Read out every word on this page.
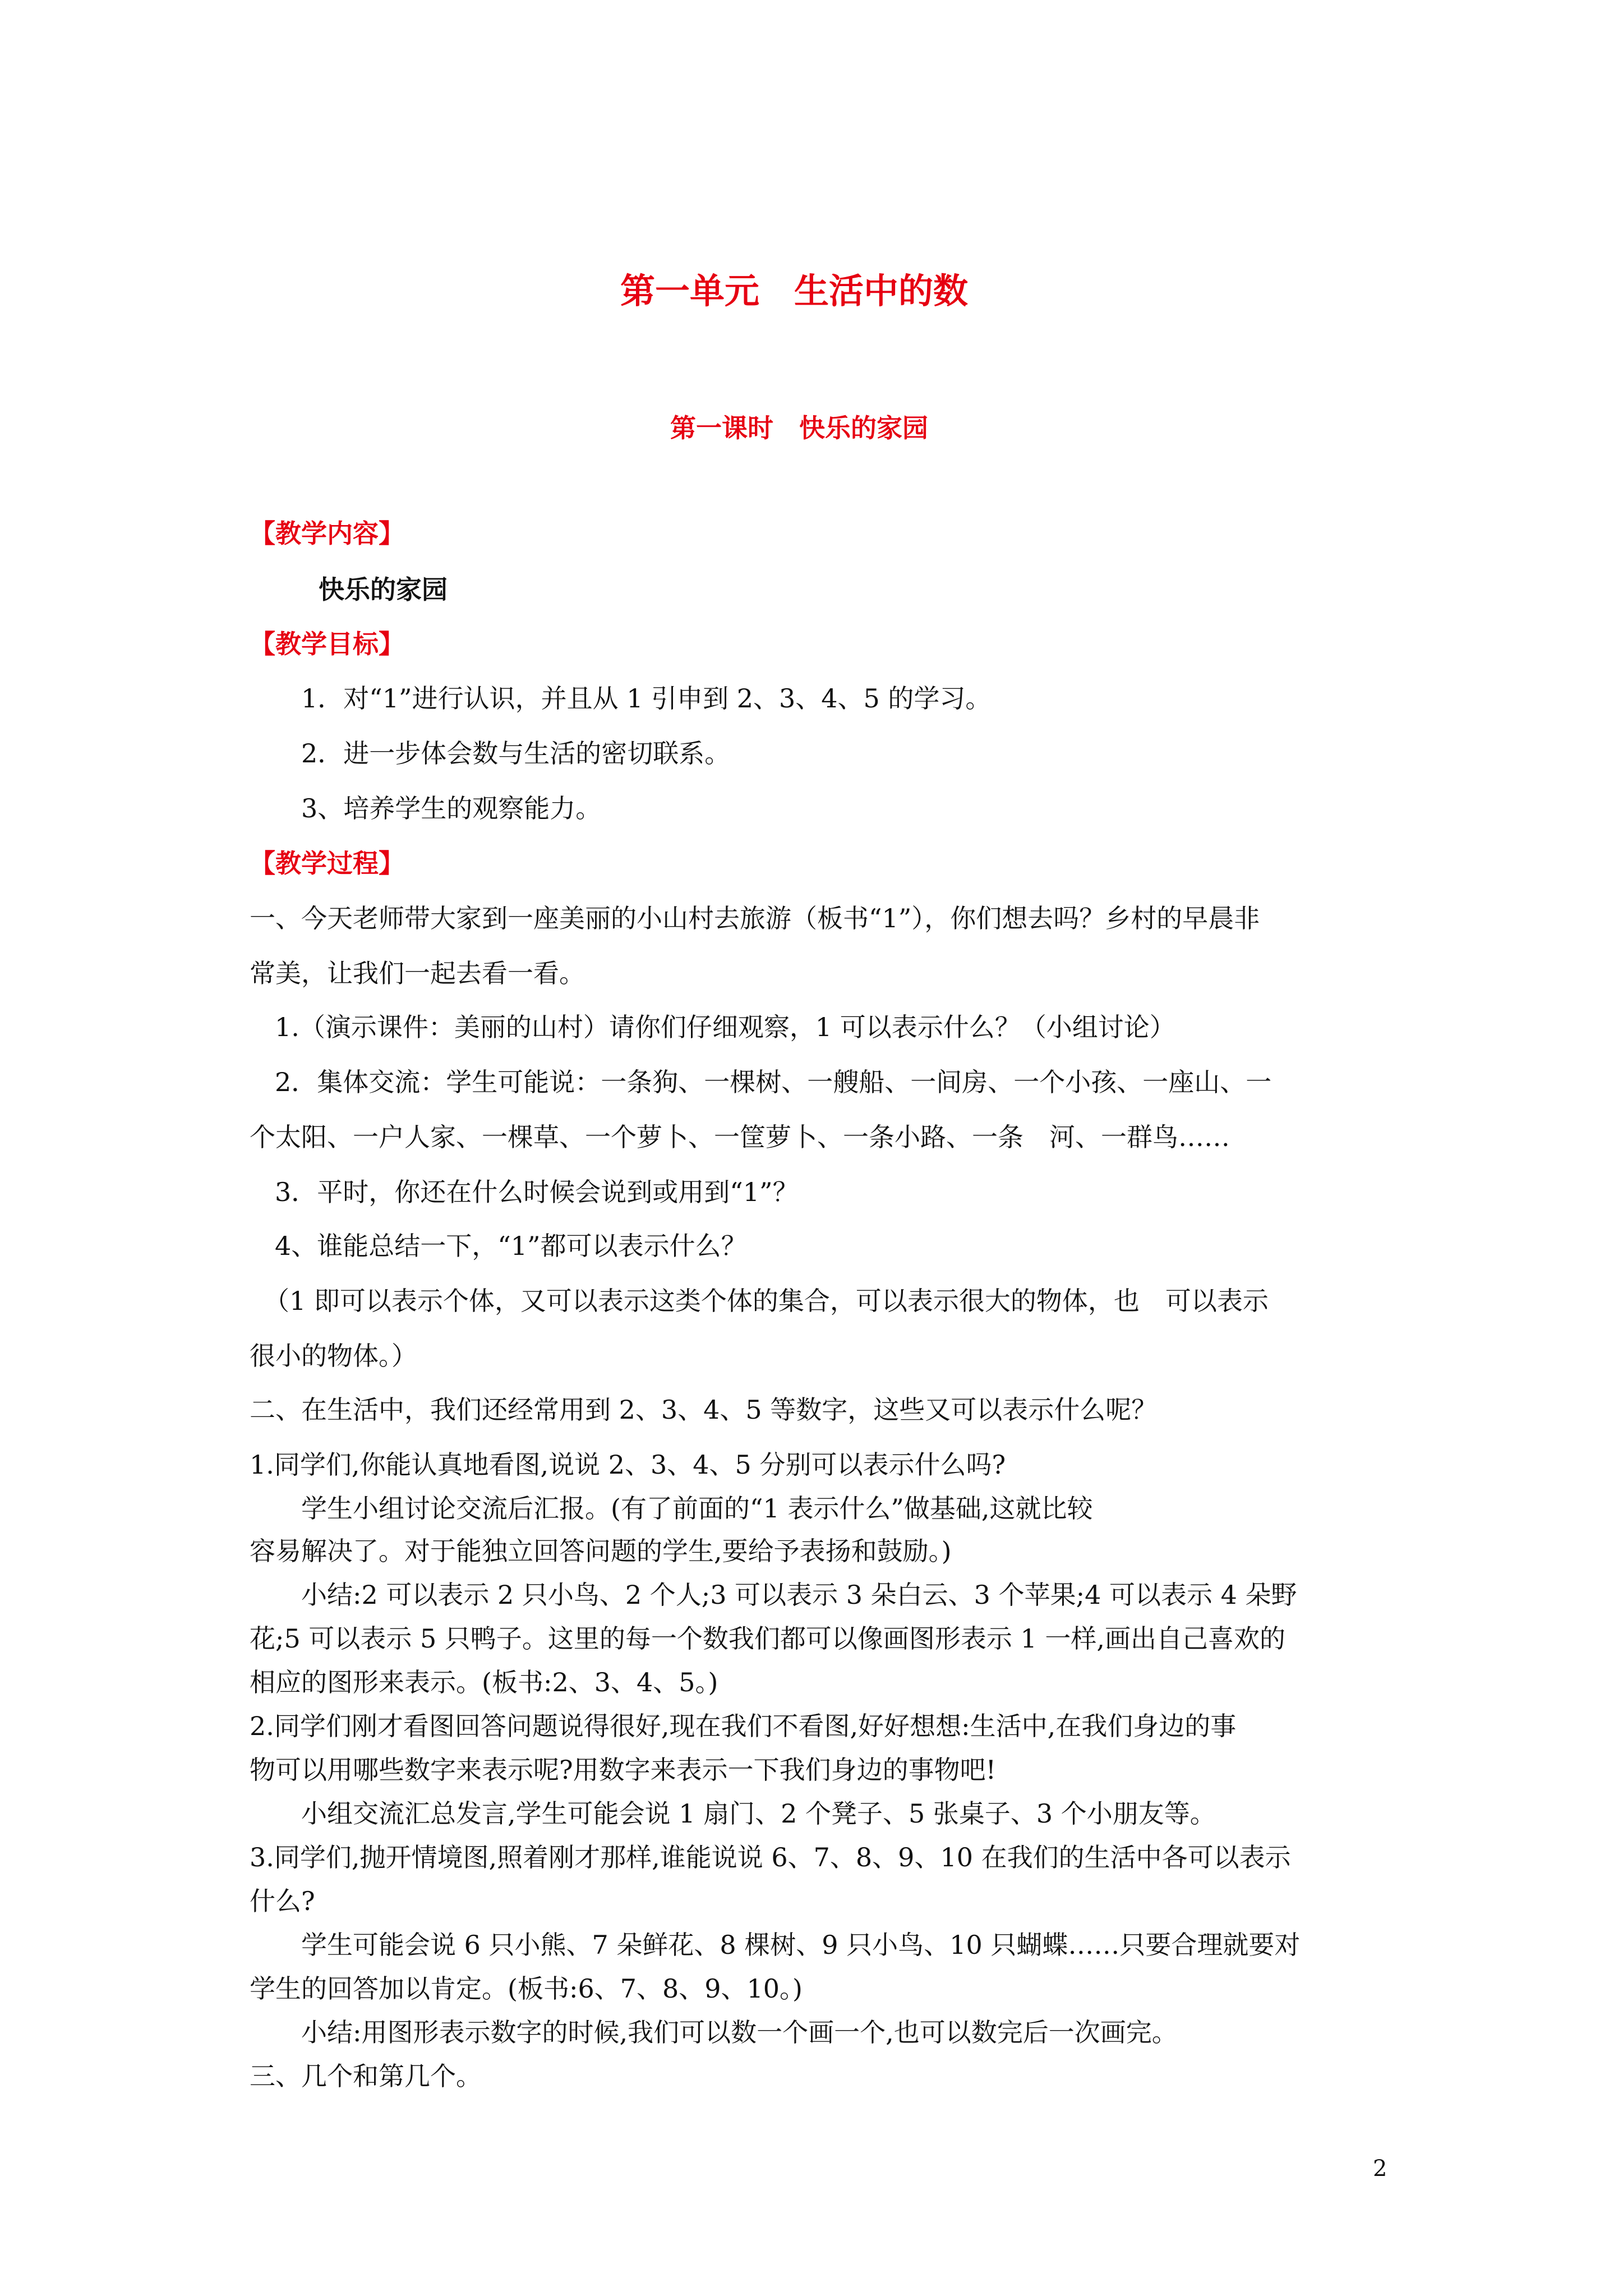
第一单元　生活中的数
第一课时　快乐的家园
【教学内容】
快乐的家园
【教学目标】
1．对“1”进行认识，并且从 1 引申到 2、3、4、5 的学习。
2．进一步体会数与生活的密切联系。
3、培养学生的观察能力。
【教学过程】
一、今天老师带大家到一座美丽的小山村去旅游（板书“1”），你们想去吗？乡村的早晨非
常美，让我们一起去看一看。
1.（演示课件：美丽的山村）请你们仔细观察，1 可以表示什么？（小组讨论）
2．集体交流：学生可能说：一条狗、一棵树、一艘船、一间房、一个小孩、一座山、一
个太阳、一户人家、一棵草、一个萝卜、一筐萝卜、一条小路、一条　河、一群鸟……
3．平时，你还在什么时候会说到或用到“1”？
4、谁能总结一下，“1”都可以表示什么？
（1 即可以表示个体，又可以表示这类个体的集合，可以表示很大的物体，也　可以表示
很小的物体。）
二、在生活中，我们还经常用到 2、3、4、5 等数字，这些又可以表示什么呢？
1.同学们,你能认真地看图,说说 2、3、4、5 分别可以表示什么吗?
学生小组讨论交流后汇报。(有了前面的“1 表示什么”做基础,这就比较
容易解决了。对于能独立回答问题的学生,要给予表扬和鼓励。)
小结:2 可以表示 2 只小鸟、2 个人;3 可以表示 3 朵白云、3 个苹果;4 可以表示 4 朵野
花;5 可以表示 5 只鸭子。这里的每一个数我们都可以像画图形表示 1 一样,画出自己喜欢的
相应的图形来表示。(板书:2、3、4、5。)
2.同学们刚才看图回答问题说得很好,现在我们不看图,好好想想:生活中,在我们身边的事
物可以用哪些数字来表示呢?用数字来表示一下我们身边的事物吧!
小组交流汇总发言,学生可能会说 1 扇门、2 个凳子、5 张桌子、3 个小朋友等。
3.同学们,抛开情境图,照着刚才那样,谁能说说 6、7、8、9、10 在我们的生活中各可以表示
什么?
学生可能会说 6 只小熊、7 朵鲜花、8 棵树、9 只小鸟、10 只蝴蝶……只要合理就要对
学生的回答加以肯定。(板书:6、7、8、9、10。)
小结:用图形表示数字的时候,我们可以数一个画一个,也可以数完后一次画完。
三、几个和第几个。
2
